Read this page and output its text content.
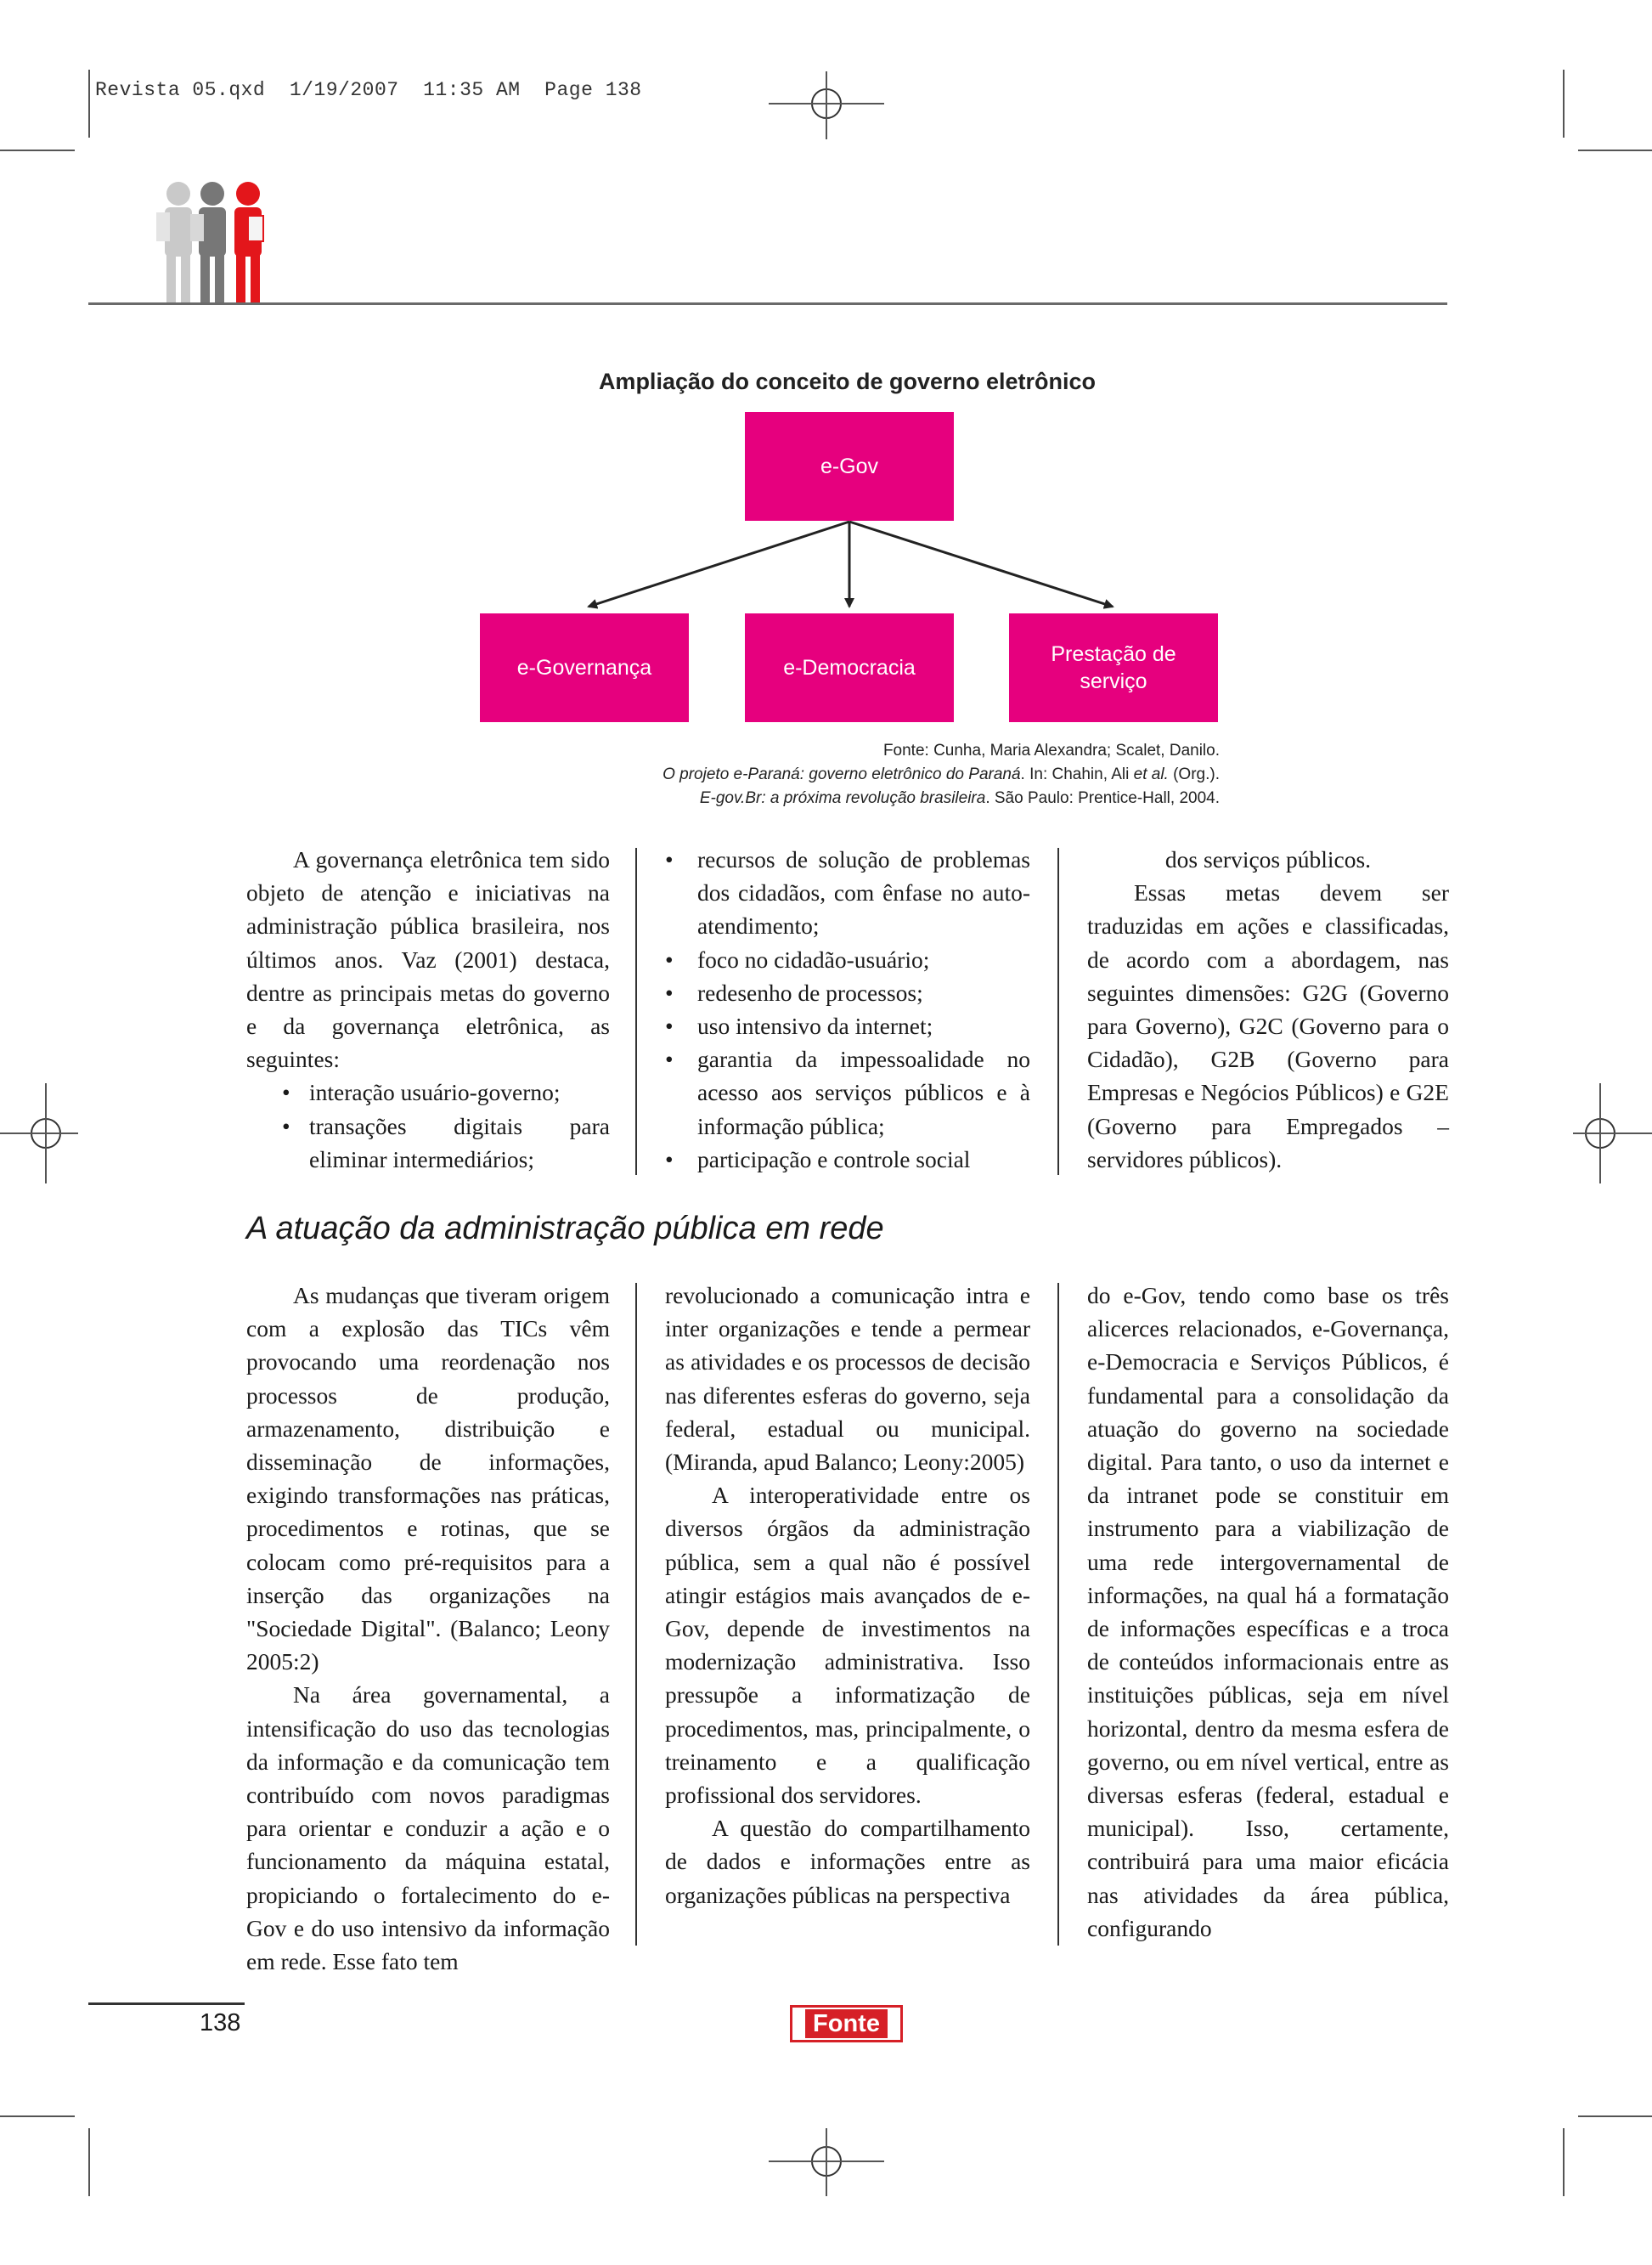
Revista 05.qxd  1/19/2007  11:35 AM  Page 138
Ampliação do conceito de governo eletrônico
e-Gov
e-Governança	e-Democracia
Prestação de
serviço
Fonte: Cunha, Maria Alexandra; Scalet, Danilo.
O projeto e-Paraná: governo eletrônico do Paraná. In: Chahin, Ali et al. (Org.).
E-gov.Br: a próxima revolução brasileira. São Paulo: Prentice-Hall, 2004.

A governança eletrônica tem sido objeto de atenção e iniciativas na administração pública brasileira, nos últimos anos. Vaz (2001) destaca, dentre as principais metas do governo e da governança eletrônica, as seguintes:

• interação usuário-governo;

• transações digitais para eliminar intermediários;

• recursos de solução de problemas dos cidadãos, com ênfase no auto-atendimento;

• foco no cidadão-usuário;

• redesenho de processos;

• uso intensivo da internet;

• garantia da impessoalidade no acesso aos serviços públicos e à informação pública;

• participação e controle social

dos serviços públicos.

Essas metas devem ser traduzidas em ações e classificadas, de acordo com a abordagem, nas seguintes dimensões: G2G (Governo para Governo), G2C (Governo para o Cidadão), G2B (Governo para Empresas e Negócios Públicos) e G2E (Governo para Empregados – servidores públicos).

A atuação da administração pública em rede

As mudanças que tiveram origem com a explosão das TICs vêm provocando uma reordenação nos processos de produção, armazenamento, distribuição e disseminação de informações, exigindo transformações nas práticas, procedimentos e rotinas, que se colocam como pré-requisitos para a inserção das organizações na "Sociedade Digital". (Balanco; Leony 2005:2)

Na área governamental, a intensificação do uso das tecnologias da informação e da comunicação tem contribuído com novos paradigmas para orientar e conduzir a ação e o funcionamento da máquina estatal, propiciando o fortalecimento do e-Gov e do uso intensivo da informação em rede. Esse fato tem

revolucionado a comunicação intra e inter organizações e tende a permear as atividades e os processos de decisão nas diferentes esferas do governo, seja federal, estadual ou municipal. (Miranda, apud Balanco; Leony:2005)

A interoperatividade entre os diversos órgãos da administração pública, sem a qual não é possível atingir estágios mais avançados de e-Gov, depende de investimentos na modernização administrativa. Isso pressupõe a informatização de procedimentos, mas, principalmente, o treinamento e a qualificação profissional dos servidores.

A questão do compartilhamento de dados e informações entre as organizações públicas na perspectiva

do e-Gov, tendo como base os três alicerces relacionados, e-Governança, e-Democracia e Serviços Públicos, é fundamental para a consolidação da atuação do governo na sociedade digital. Para tanto, o uso da internet e da intranet pode se constituir em instrumento para a viabilização de uma rede intergovernamental de informações, na qual há a formatação de informações específicas e a troca de conteúdos informacionais entre as instituições públicas, seja em nível horizontal, dentro da mesma esfera de governo, ou em nível vertical, entre as diversas esferas (federal, estadual e municipal). Isso, certamente, contribuirá para uma maior eficácia nas atividades da área pública, configurando

138	Fonte
